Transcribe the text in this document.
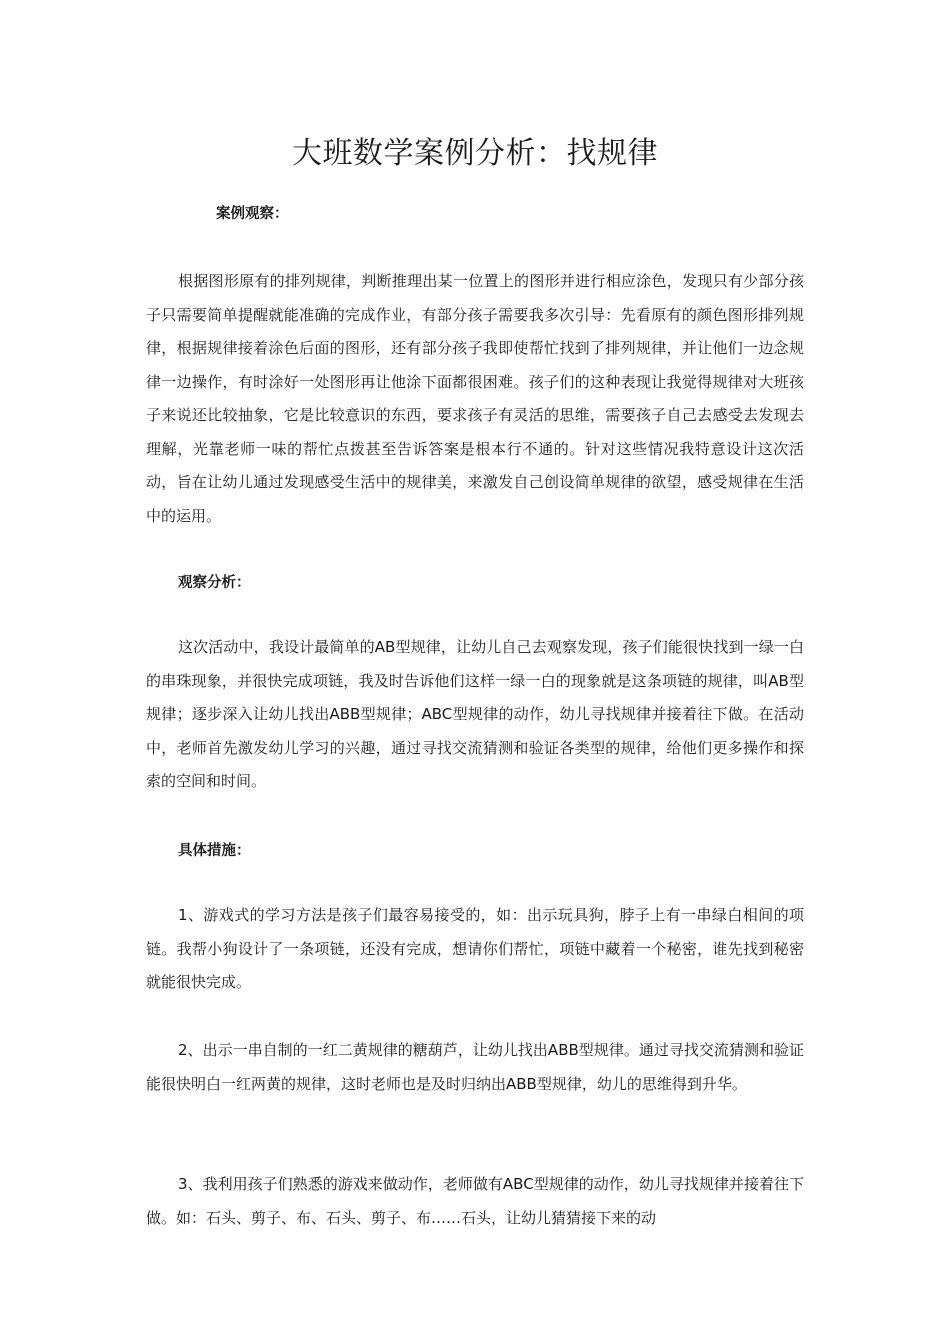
大班数学案例分析：找规律
案例观察：

根据图形原有的排列规律，判断推理出某一位置上的图形并进行相应涂色，发现只有少部分孩子只需要简单提醒就能准确的完成作业，有部分孩子需要我多次引导：先看原有的颜色图形排列规律，根据规律接着涂色后面的图形，还有部分孩子我即使帮忙找到了排列规律，并让他们一边念规律一边操作，有时涂好一处图形再让他涂下面都很困难。孩子们的这种表现让我觉得规律对大班孩子来说还比较抽象，它是比较意识的东西，要求孩子有灵活的思维，需要孩子自己去感受去发现去理解，光靠老师一味的帮忙点拨甚至告诉答案是根本行不通的。针对这些情况我特意设计这次活动，旨在让幼儿通过发现感受生活中的规律美，来激发自己创设简单规律的欲望，感受规律在生活中的运用。

观察分析：

这次活动中，我设计最简单的AB型规律，让幼儿自己去观察发现，孩子们能很快找到一绿一白的串珠现象，并很快完成项链，我及时告诉他们这样一绿一白的现象就是这条项链的规律，叫AB型规律；逐步深入让幼儿找出ABB型规律；ABC型规律的动作，幼儿寻找规律并接着往下做。在活动中，老师首先激发幼儿学习的兴趣，通过寻找交流猜测和验证各类型的规律，给他们更多操作和探索的空间和时间。

具体措施：

1、游戏式的学习方法是孩子们最容易接受的，如：出示玩具狗，脖子上有一串绿白相间的项链。我帮小狗设计了一条项链，还没有完成，想请你们帮忙，项链中藏着一个秘密，谁先找到秘密就能很快完成。

2、出示一串自制的一红二黄规律的糖葫芦，让幼儿找出ABB型规律。通过寻找交流猜测和验证能很快明白一红两黄的规律，这时老师也是及时归纳出ABB型规律，幼儿的思维得到升华。

3、我利用孩子们熟悉的游戏来做动作，老师做有ABC型规律的动作，幼儿寻找规律并接着往下做。如：石头、剪子、布、石头、剪子、布……石头，让幼儿猜猜接下来的动
